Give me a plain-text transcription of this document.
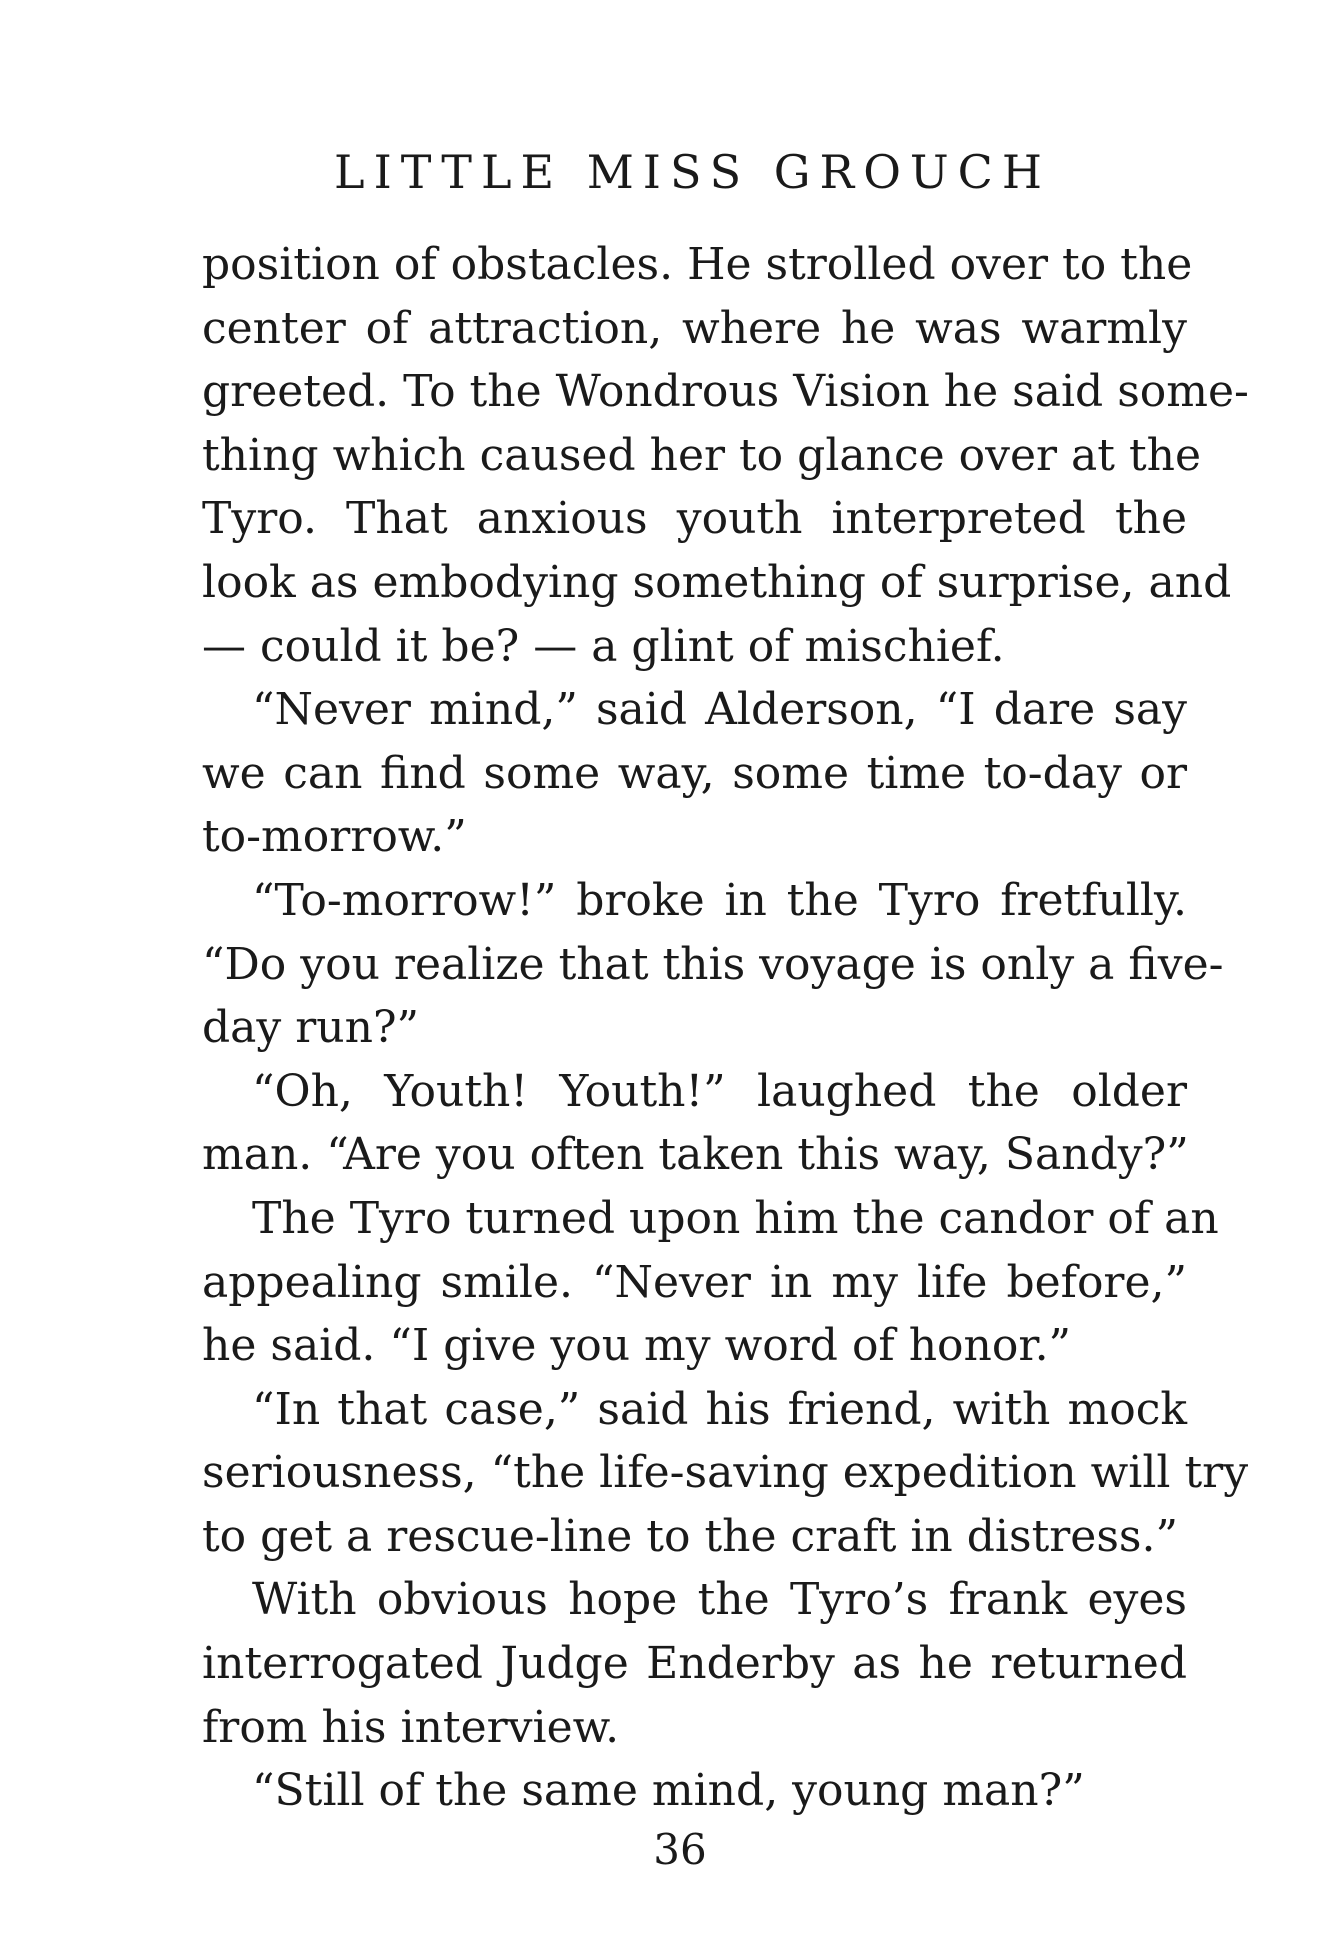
LITTLE MISS GROUCH
position of obstacles. He strolled over to the
center of attraction, where he was warmly
greeted. To the Wondrous Vision he said some-
thing which caused her to glance over at the
Tyro. That anxious youth interpreted the
look as embodying something of surprise, and
— could it be? — a glint of mischief.
“Never mind,” said Alderson, “I dare say
we can find some way, some time to-day or
to-morrow.”
“To-morrow!” broke in the Tyro fretfully.
“Do you realize that this voyage is only a five-
day run?”
“Oh, Youth! Youth!” laughed the older
man. “Are you often taken this way, Sandy?”
The Tyro turned upon him the candor of an
appealing smile. “Never in my life before,”
he said. “I give you my word of honor.”
“In that case,” said his friend, with mock
seriousness, “the life-saving expedition will try
to get a rescue-line to the craft in distress.”
With obvious hope the Tyro’s frank eyes
interrogated Judge Enderby as he returned
from his interview.
“Still of the same mind, young man?”
36
